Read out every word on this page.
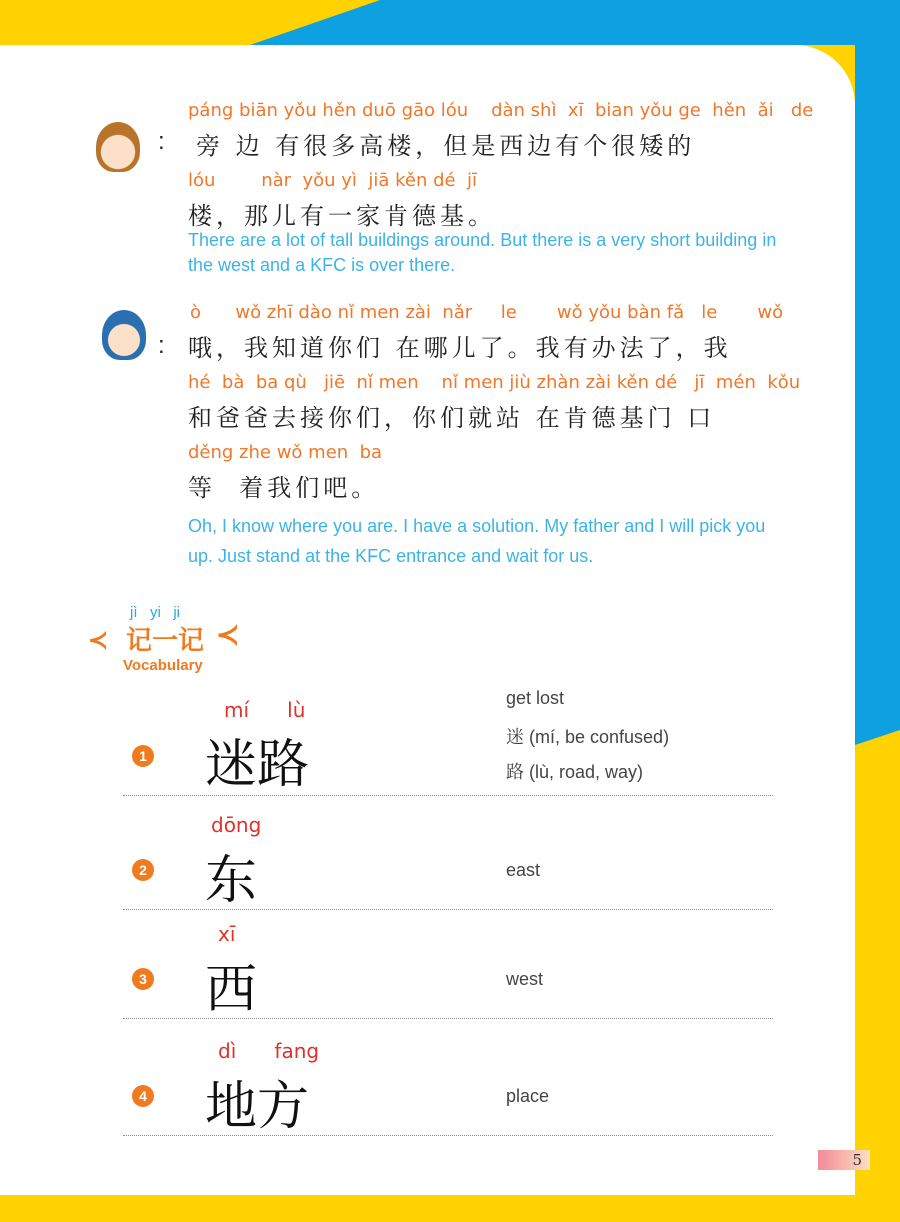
:
páng biān yǒu hěn duō gāo lóu    dàn shì  xī  bian yǒu ge  hěn  ǎi   de
旁 边 有很多高楼，但是西边有个很矮的
lóu        nàr  yǒu yì  jiā kěn dé  jī
楼，那儿有一家肯德基。
There are a lot of tall buildings around. But there is a very short building in
the west and a KFC is over there.
:
ò      wǒ zhī dào nǐ men zài  nǎr     le       wǒ yǒu bàn fǎ   le       wǒ
哦，我知道你们 在哪儿了。我有办法了，我
hé  bà  ba qù   jiē  nǐ men    nǐ men jiù zhàn zài kěn dé   jī  mén  kǒu
和爸爸去接你们，你们就站 在肯德基门 口
děng zhe wǒ men  ba
等  着我们吧。
Oh, I know where you are. I have a solution. My father and I will pick you
up. Just stand at the KFC entrance and wait for us.
jì   yi   ji
记一记
≺	≺
Vocabulary
1
mí      lù
迷路
get lost
迷 (mí, be confused)
路 (lù, road, way)
2
dōng
东	east
3
xī
西	west
4
dì      fang
地方	place

5
